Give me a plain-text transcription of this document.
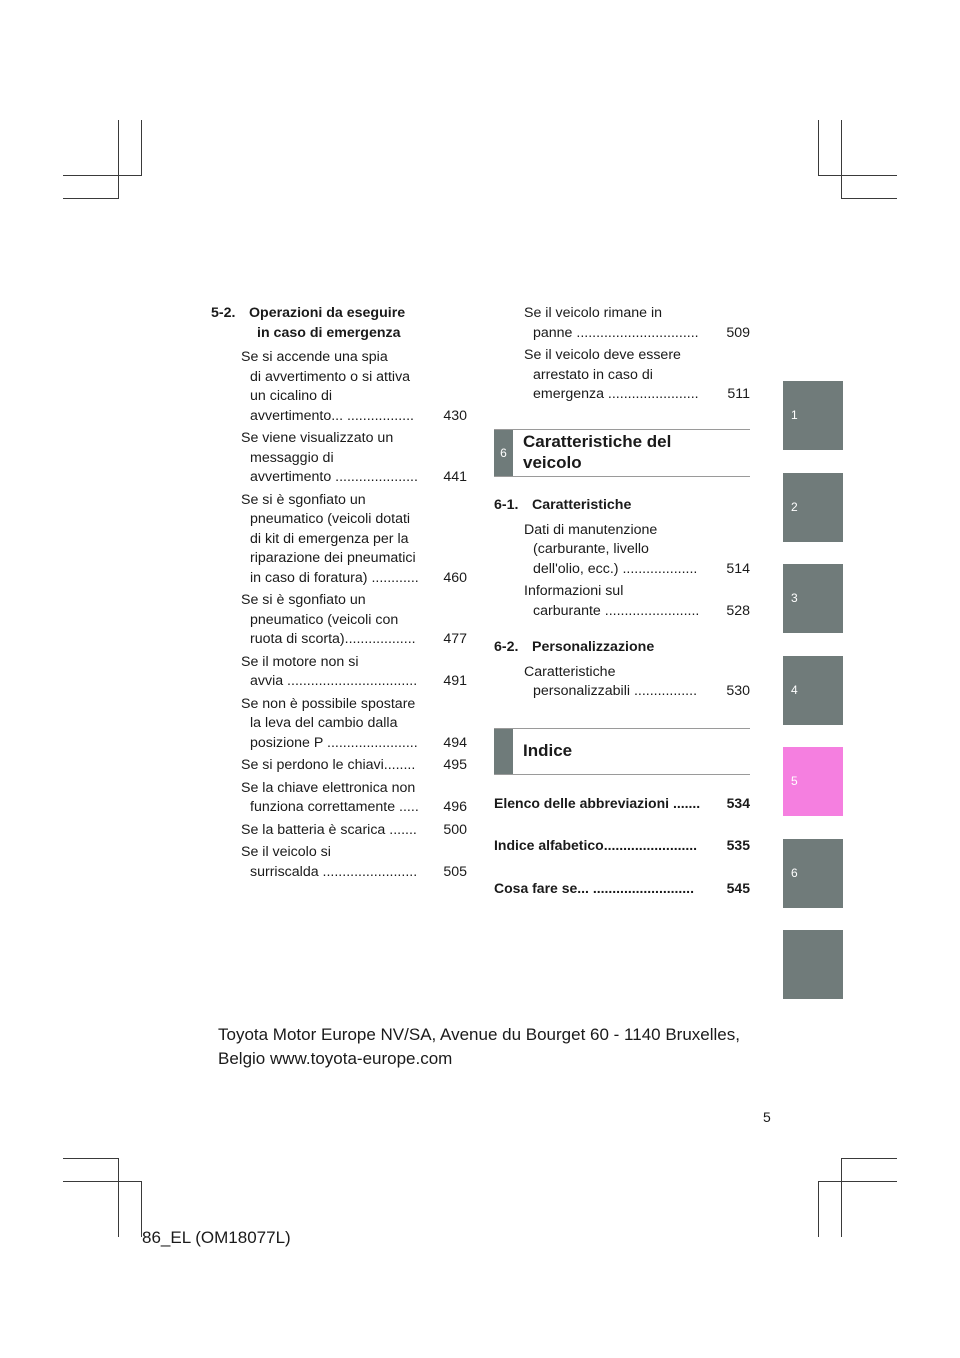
5-2. Operazioni da eseguire
in caso di emergenza
Se si accende una spia
di avvertimento o si attiva
un cicalino di
avvertimento... .................	430
Se viene visualizzato un
messaggio di
avvertimento .....................	441
Se si è sgonfiato un
pneumatico (veicoli dotati
di kit di emergenza per la
riparazione dei pneumatici
in caso di foratura) ............	460
Se si è sgonfiato un
pneumatico (veicoli con
ruota di scorta)..................	477
Se il motore non si
avvia .................................	491
Se non è possibile spostare
la leva del cambio dalla
posizione P .......................	494
Se si perdono le chiavi........	495
Se la chiave elettronica non
funziona correttamente .....	496
Se la batteria è scarica .......	500
Se il veicolo si
surriscalda ........................	505
Se il veicolo rimane in
panne ...............................	509
Se il veicolo deve essere
arrestato in caso di
emergenza .......................	511
6
Caratteristiche del
veicolo
6-1. Caratteristiche
Dati di manutenzione
(carburante, livello
dell'olio, ecc.) ...................	514
Informazioni sul
carburante ........................	528
6-2. Personalizzazione
Caratteristiche
personalizzabili ................	530
Indice
Elenco delle abbreviazioni ....... 534
Indice alfabetico........................ 535
Cosa fare se... .......................... 545
1
2
3
4
5
6
Toyota Motor Europe NV/SA, Avenue du Bourget 60 - 1140 Bruxelles,
Belgio www.toyota-europe.com
5
86_EL (OM18077L)
